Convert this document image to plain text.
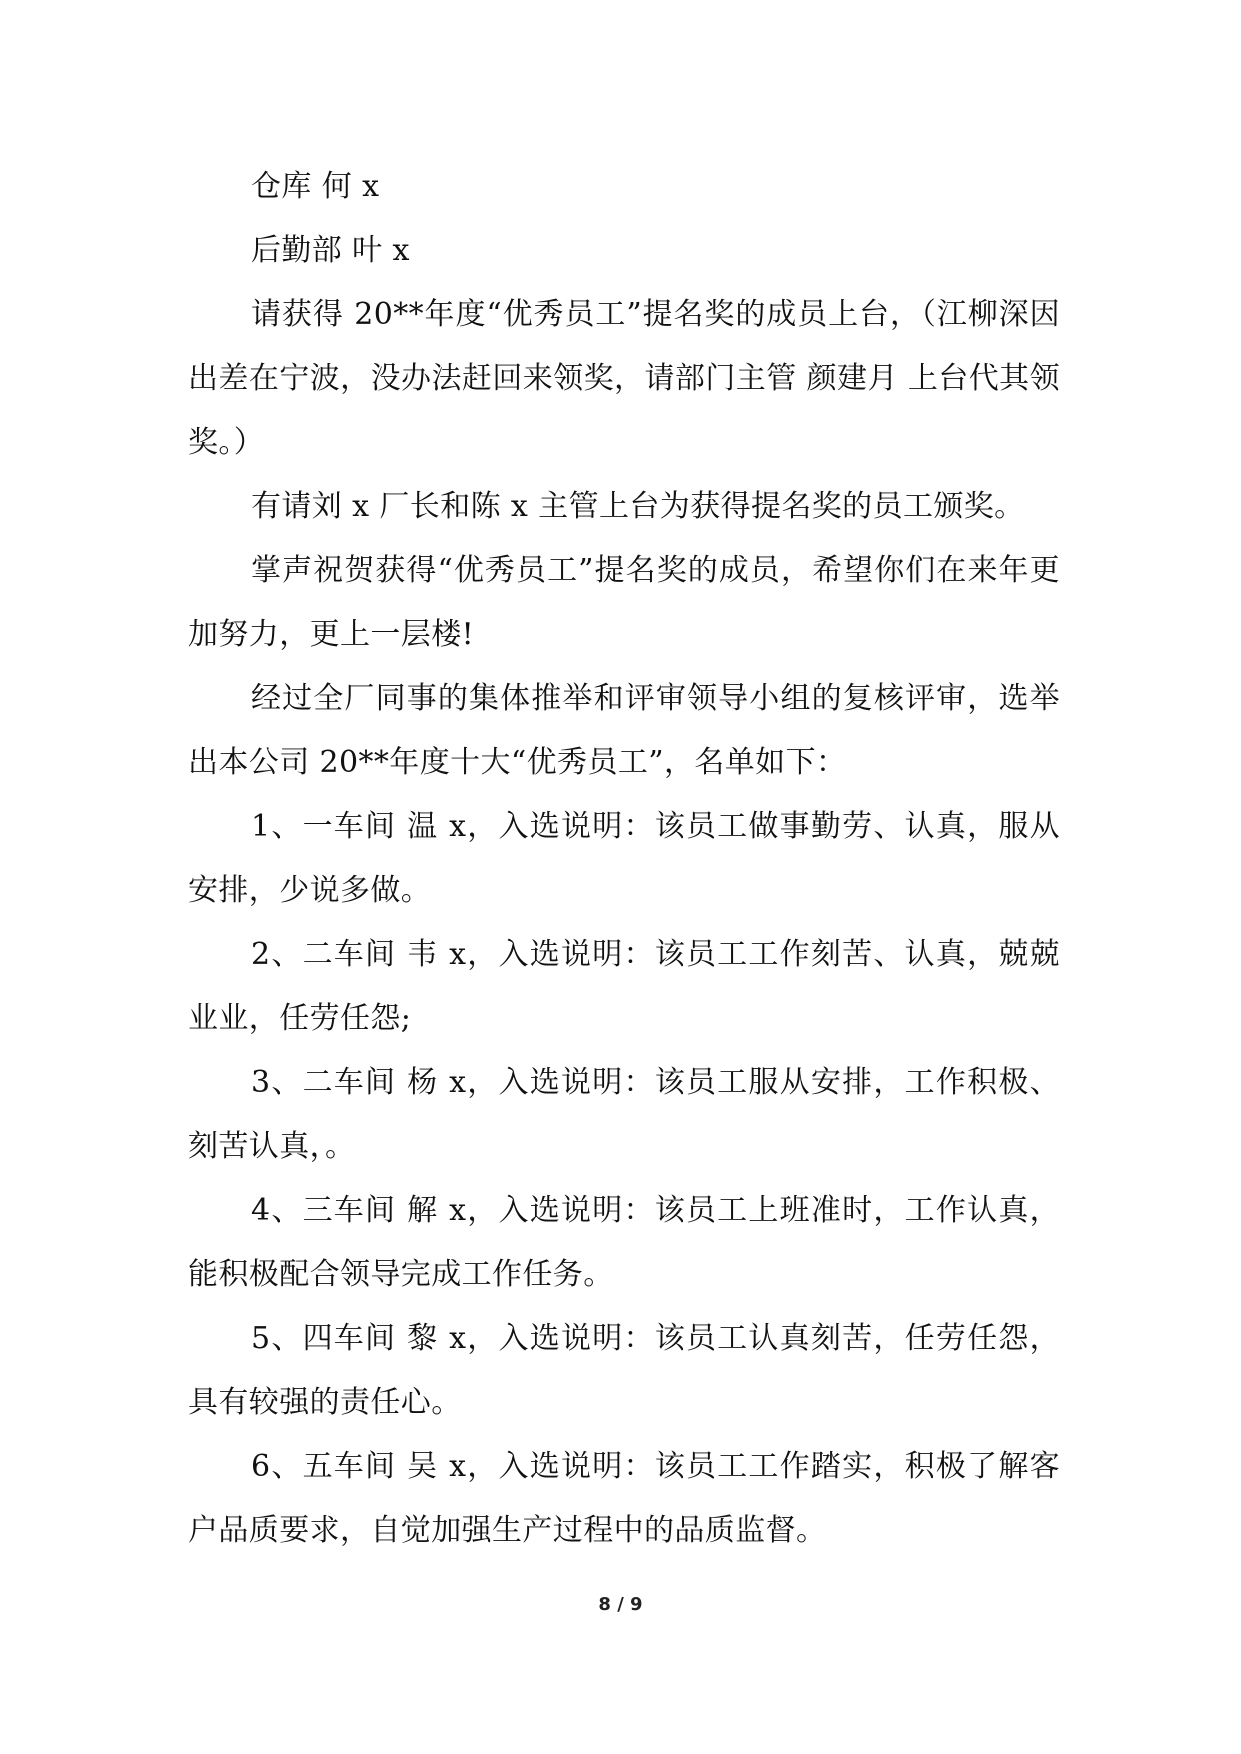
仓库 何 x

后勤部 叶 x

请获得 20**年度“优秀员工”提名奖的成员上台，（江柳深因出差在宁波，没办法赶回来领奖，请部门主管 颜建月 上台代其领奖。）

有请刘 x 厂长和陈 x 主管上台为获得提名奖的员工颁奖。

掌声祝贺获得“优秀员工”提名奖的成员，希望你们在来年更加努力，更上一层楼!

经过全厂同事的集体推举和评审领导小组的复核评审，选举出本公司 20**年度十大“优秀员工”，名单如下：

1、一车间 温 x，入选说明：该员工做事勤劳、认真，服从安排，少说多做。

2、二车间 韦 x，入选说明：该员工工作刻苦、认真，兢兢业业，任劳任怨;

3、二车间 杨 x，入选说明：该员工服从安排，工作积极、刻苦认真，。

4、三车间 解 x，入选说明：该员工上班准时，工作认真，能积极配合领导完成工作任务。

5、四车间 黎 x，入选说明：该员工认真刻苦，任劳任怨，具有较强的责任心。

6、五车间 吴 x，入选说明：该员工工作踏实，积极了解客户品质要求，自觉加强生产过程中的品质监督。

8 / 9
